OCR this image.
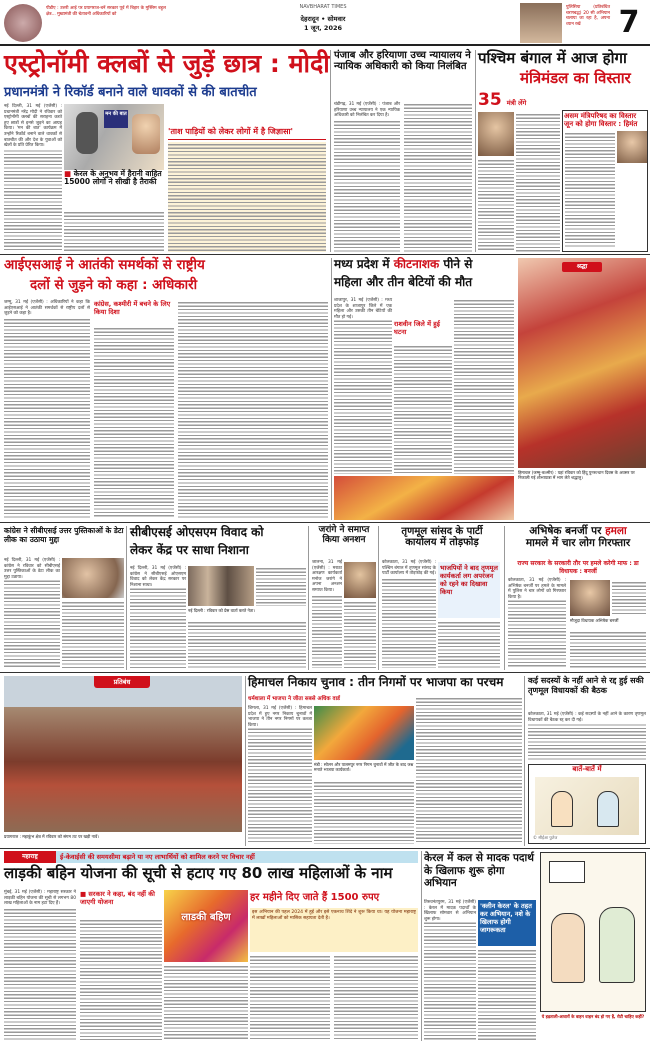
पीडीए : उत्तरी आई पर प्रयागराज-बनें सरकार पूर्व में बिहार के मुस्लिम बहुल क्षेत्र... मुख्यमंत्री की चेतावनी अधिकारियों को
NAVBHARAT TIMES
देहरादून • सोमवार
1 जून, 2026
पुलिसिया (प्रतिबंधित चरणबद्ध) 20 सी अभियान चलाया जा रहा है, अपना ध्यान रखें	7
एस्ट्रोनॉमी क्लबों से जुड़ें छात्र : मोदी
प्रधानमंत्री ने रिकॉर्ड बनाने वाले धावकों से की बातचीत

नई दिल्ली, 31 मई (एजेंसी) : प्रधानमंत्री नरेंद्र मोदी ने रविवार को एस्ट्रोनॉमी क्लबों की सराहना करते हुए छात्रों से इनसे जुड़ने का आग्रह किया। 'मन की बात' कार्यक्रम में उन्होंने रिकॉर्ड बनाने वाले धावकों से बातचीत की और देश के युवाओं को खेलों के प्रति प्रेरित किया।

मन की बात
■ केरल के अनुभव में हैरानी वाहित 15000 लोगों ने सीखी है तैराकी
'ताश पाड़ियों को लेकर लोगों में है जिज्ञासा'
पंजाब और हरियाणा उच्च न्यायालय ने न्यायिक अधिकारी को किया निलंबित

चंडीगढ़, 31 मई (एजेंसी) : पंजाब और हरियाणा उच्च न्यायालय ने एक न्यायिक अधिकारी को निलंबित कर दिया है।

पश्चिम बंगाल में आज होगा
मंत्रिमंडल का विस्तार
35 मंत्री लेंगे
असम मंत्रिपरिषद का विस्तार जून को होगा विस्तार : हिमंत
आईएसआई ने आतंकी समर्थकों से राष्ट्रीय
दलों से जुड़ने को कहा : अधिकारी

जम्मू, 31 मई (एजेंसी) : अधिकारियों ने कहा कि आईएसआई ने आतंकी समर्थकों से राष्ट्रीय दलों से जुड़ने को कहा है।

कांग्रेस, कश्मीरी में बचने के लिए किया दिशा
मध्य प्रदेश में कीटनाशक पीने से
महिला और तीन बेटियों की मौत

शाजापुर, 31 मई (एजेंसी) : मध्य प्रदेश के शाजापुर जिले में एक महिला और उसकी तीन बेटियों की मौत हो गई।

राशवीन जिले में हुई घटना
श्रद्धा
हिमाचल (जम्मू-कश्मीर) : यहां रविवार को हिंदू पुनरुत्थान दिवस के अवसर पर निकाली गई शोभायात्रा में भाग लेते श्रद्धालु।
कांग्रेस ने सीबीएसई उत्तर पुस्तिकाओं के डेटा लीक का उठाया मुद्दा

नई दिल्ली, 31 मई (एजेंसी) : कांग्रेस ने रविवार को सीबीएसई उत्तर पुस्तिकाओं के डेटा लीक का मुद्दा उठाया।

सीबीएसई ओएसएम विवाद को
लेकर केंद्र पर साधा निशाना

नई दिल्ली, 31 मई (एजेंसी) : कांग्रेस ने सीबीएसई ओएसएम विवाद को लेकर केंद्र सरकार पर निशाना साधा।

नई दिल्ली : रविवार को प्रेस वार्ता करते नेता।
जरांगे ने समाप्त
किया अनशन

जालना, 31 मई (एजेंसी) : मराठा आरक्षण कार्यकर्ता मनोज जरांगे ने अपना अनशन समाप्त किया।

तृणमूल सांसद के पार्टी
कार्यालय में तोड़फोड़

कोलकाता, 31 मई (एजेंसी) : पश्चिम बंगाल में तृणमूल सांसद के पार्टी कार्यालय में तोड़फोड़ की गई।

भाजपियों ने बाद तृणमूल कार्यकर्ता लग अपरंजन को रहने का दिखावा किया
अभिषेक बनर्जी पर हमला
मामले में चार लोग गिरफ्तार
राज्य सरकार के सरकारी तौर पर हमले करेगी माफ : डा विधायक : बनर्जी

कोलकाता, 31 मई (एजेंसी) : अभिषेक बनर्जी पर हमले के मामले में पुलिस ने चार लोगों को गिरफ्तार किया है।

मौजूदा विधायक अभिषेक बनर्जी
प्रतिबंध
प्रयागराज : महाकुंभ क्षेत्र में रविवार को संगम तट पर खड़ी नावें।
हिमाचल निकाय चुनाव : तीन निगमों पर भाजपा का परचम
धर्मशाला में भाजपा ने जीता सबसे अधिक वार्ड

शिमला, 31 मई (एजेंसी) : हिमाचल प्रदेश में हुए नगर निकाय चुनावों में भाजपा ने तीन नगर निगमों पर कब्जा किया।

मंडी : सोलन और पालमपुर नगर निगम चुनावों में जीत के बाद जश्न मनाते भाजपा कार्यकर्ता।
कई सदस्यों के नहीं आने से रद्द हुई सकी तृणमूल विधायकों की बैठक

कोलकाता, 31 मई (एजेंसी) : कई सदस्यों के नहीं आने के कारण तृणमूल विधायकों की बैठक रद्द कर दी गई।

बातें-बातें में
© सीईआ फुटेज
महाराष्ट्र	ई-केवाईसी की समयसीमा बढ़ाने या नए लाभार्थियों को शामिल करने पर विचार नहीं
लाड़की बहिन योजना की सूची से हटाए गए 80 लाख महिलाओं के नाम

मुंबई, 31 मई (एजेंसी) : महाराष्ट्र सरकार ने लाड़की बहिन योजना की सूची से लगभग 80 लाख महिलाओं के नाम हटा दिए हैं।

■ सरकार ने कहा, बंद नहीं की जाएगी योजना
लाडकी बहिण
हर महीने दिए जाते हैं 1500 रुपए
इस अभियान की पहल 2024 में हुई और इसे एकनाथ शिंदे ने शुरू किया था। यह योजना महाराष्ट्र में लाखों महिलाओं को मासिक सहायता देती है।
केरल में कल से मादक पदार्थ के खिलाफ शुरू होगा अभियान

तिरुवनंतपुरम, 31 मई (एजेंसी) : केरल में मादक पदार्थों के खिलाफ सोमवार से अभियान शुरू होगा।

'क्लीन केरल' के तहत कर अभियान, नशे के खिलाफ होगी जागरूकता
ये हड़ताली-आवारों के वाहन वाहन बंद हो गए हैं, रोटी चाहिए कहीं?
